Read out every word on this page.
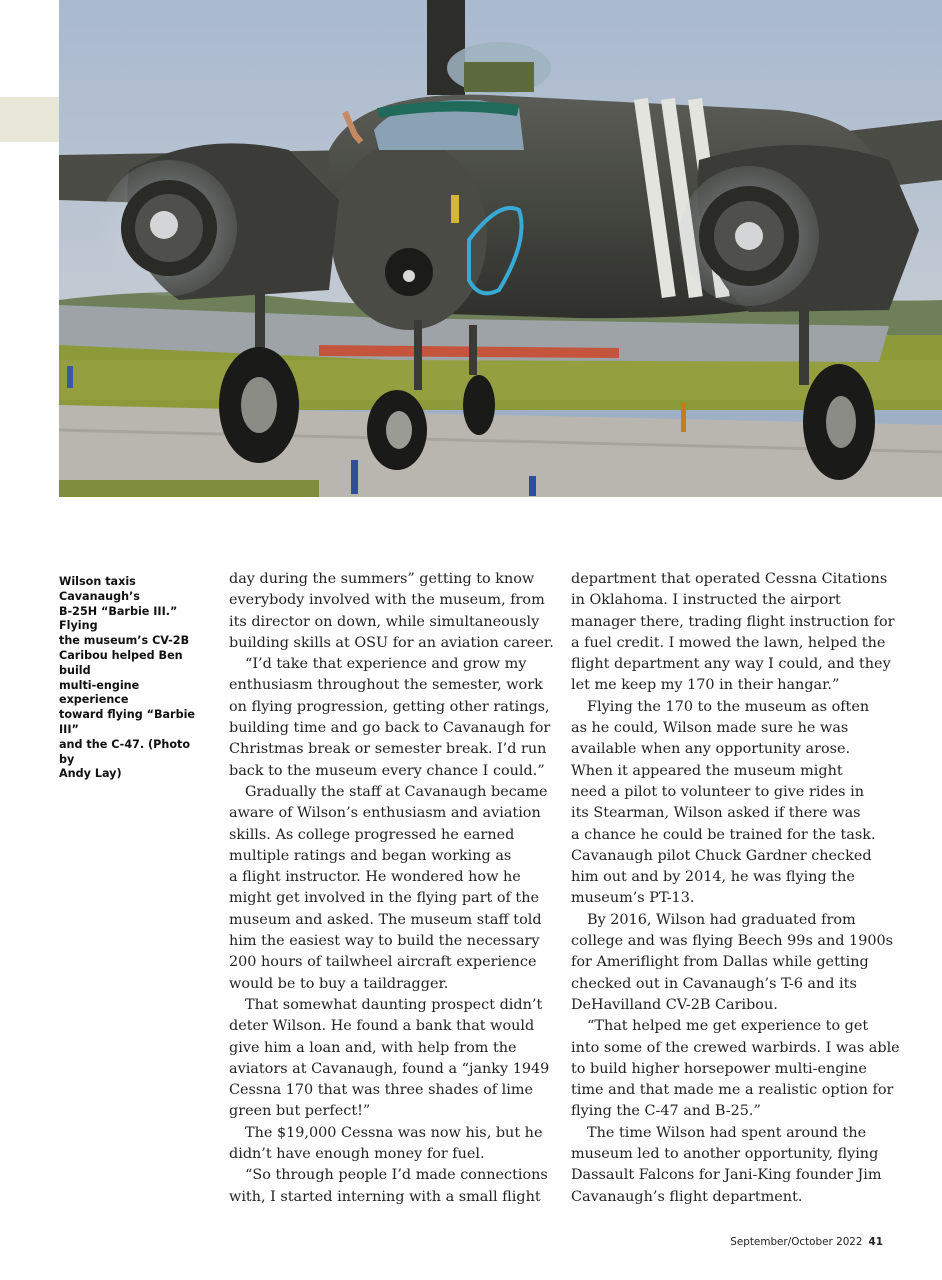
Wilson taxis Cavanaugh’s
B-25H “Barbie III.” Flying
the museum’s CV-2B
Caribou helped Ben build
multi-engine experience
toward flying “Barbie III”
and the C-47. (Photo by
Andy Lay)

day during the summers” getting to know

everybody involved with the museum, from

its director on down, while simultaneously

building skills at OSU for an aviation career.

“I’d take that experience and grow my

enthusiasm throughout the semester, work

on flying progression, getting other ratings,

building time and go back to Cavanaugh for

Christmas break or semester break. I’d run

back to the museum every chance I could.”

Gradually the staff at Cavanaugh became

aware of Wilson’s enthusiasm and aviation

skills. As college progressed he earned

multiple ratings and began working as

a flight instructor. He wondered how he

might get involved in the flying part of the

museum and asked. The museum staff told

him the easiest way to build the necessary

200 hours of tailwheel aircraft experience

would be to buy a taildragger.

That somewhat daunting prospect didn’t

deter Wilson. He found a bank that would

give him a loan and, with help from the

aviators at Cavanaugh, found a “janky 1949

Cessna 170 that was three shades of lime

green but perfect!”

The $19,000 Cessna was now his, but he

didn’t have enough money for fuel.

“So through people I’d made connections

with, I started interning with a small flight

department that operated Cessna Citations

in Oklahoma. I instructed the airport

manager there, trading flight instruction for

a fuel credit. I mowed the lawn, helped the

flight department any way I could, and they

let me keep my 170 in their hangar.”

Flying the 170 to the museum as often

as he could, Wilson made sure he was

available when any opportunity arose.

When it appeared the museum might

need a pilot to volunteer to give rides in

its Stearman, Wilson asked if there was

a chance he could be trained for the task.

Cavanaugh pilot Chuck Gardner checked

him out and by 2014, he was flying the

museum’s PT-13.

By 2016, Wilson had graduated from

college and was flying Beech 99s and 1900s

for Ameriflight from Dallas while getting

checked out in Cavanaugh’s T-6 and its

DeHavilland CV-2B Caribou.

“That helped me get experience to get

into some of the crewed warbirds. I was able

to build higher horsepower multi-engine

time and that made me a realistic option for

flying the C-47 and B-25.”

The time Wilson had spent around the

museum led to another opportunity, flying

Dassault Falcons for Jani-King founder Jim

Cavanaugh’s flight department.

September/October 2022 41
